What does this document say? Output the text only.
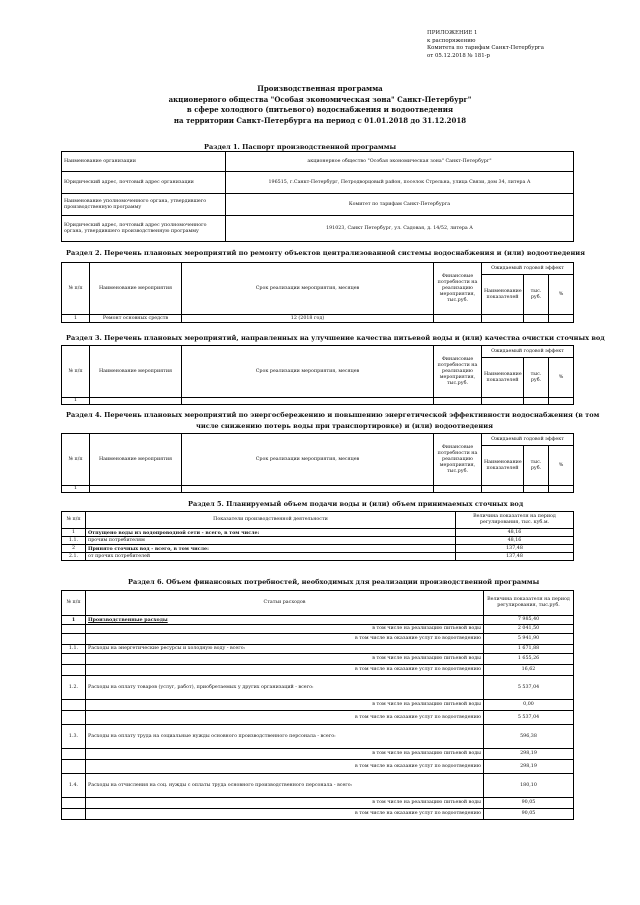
ПРИЛОЖЕНИЕ 1
к распоряжению
Комитета по тарифам Санкт-Петербурга
от 05.12.2018 № 181-р
Производственная программа
акционерного общества "Особая экономическая зона" Санкт-Петербург"
в сфере холодного (питьевого) водоснабжения и водоотведения
на территории Санкт-Петербурга на период с 01.01.2018 до 31.12.2018
Раздел 1. Паспорт производственной программы
Наименование организации	акционерное общество "Особая экономическая зона" Санкт-Петербург"
Юридический адрес, почтовый адрес организации	196515, г.Санкт-Петербург, Петродворцовый район, поселок Стрельна, улица Связи, дом 34, литера А
Наименование уполномоченного органа, утвердившего производственную программу	Комитет по тарифам Санкт-Петербурга
Юридический адрес, почтовый адрес уполномоченного органа, утвердившего производственную программу	191023, Санкт Петербург, ул. Садовая, д. 14/52, литера А
Раздел 2. Перечень плановых мероприятий по ремонту объектов централизованной системы водоснабжения и (или) водоотведения
№ п/п	Наименование мероприятия	Срок реализации мероприятия, месяцев	Финансовые потребности на реализацию мероприятия, тыс.руб.	Ожидаемый годовой эффект		
				Наименование показателей	тыс. руб.	%
1	Ремонт основных средств	12 (2018 год)				
Раздел 3. Перечень плановых мероприятий, направленных на улучшение качества питьевой воды и (или) качества очистки сточных вод
№ п/п	Наименование мероприятия	Срок реализации мероприятия, месяцев	Финансовые потребности на реализацию мероприятия, тыс.руб.	Ожидаемый годовой эффект		
				Наименование показателей	тыс. руб.	%
1						
Раздел 4. Перечень плановых мероприятий по энергосбережению и повышению энергетической эффективности водоснабжения (в том
числе снижению потерь воды при транспортировке) и (или) водоотведения
№ п/п	Наименование мероприятия	Срок реализации мероприятия, месяцев	Финансовые потребности на реализацию мероприятия, тыс.руб.	Ожидаемый годовой эффект		
				Наименование показателей	тыс. руб.	%
1						
Раздел 5. Планируемый объем подачи воды и (или) объем принимаемых сточных вод
№ п/п	Показатели производственной деятельности	Величина показателя на период регулирования, тыс. куб.м.
1	Отпущено воды из водопроводной сети - всего, в том числе:	48,16
1.1.	прочим потребителям	48,16
2	Принято сточных вод - всего, в том числе:	137,48
2.1.	от прочих потребителей	137,48
Раздел 6. Объем финансовых потребностей, необходимых для реализации производственной программы
№ п/п	Статьи расходов	Величина показателя на период регулирования, тыс.руб.
1	Производственные расходы	7 985,40
	в том числе на реализацию питьевой воды	2 041,50
	в том числе на оказание услуг по водоотведению	5 941,90
1.1.	Расходы на энергетические ресурсы и холодную воду - всего:	1 671,88
	в том числе на реализацию питьевой воды	1 655,26
	в том числе на оказание услуг по водоотведению	16,62
1.2.	Расходы на оплату товаров (услуг, работ), приобретаемых у других организаций - всего:	5 537,04
	в том числе на реализацию питьевой воды	0,00
	в том числе на оказание услуг по водоотведению	5 537,04
1.3.	Расходы на оплату труда на социальные нужды основного производственного персонала - всего:	596,38
	в том числе на реализацию питьевой воды	298,19
	в том числе на оказание услуг по водоотведению	298,19
1.4.	Расходы на отчисления на соц. нужды с оплаты труда основного производственного персонала - всего:	180,10
	в том числе на реализацию питьевой воды	90,05
	в том числе на оказание услуг по водоотведению	90,05
